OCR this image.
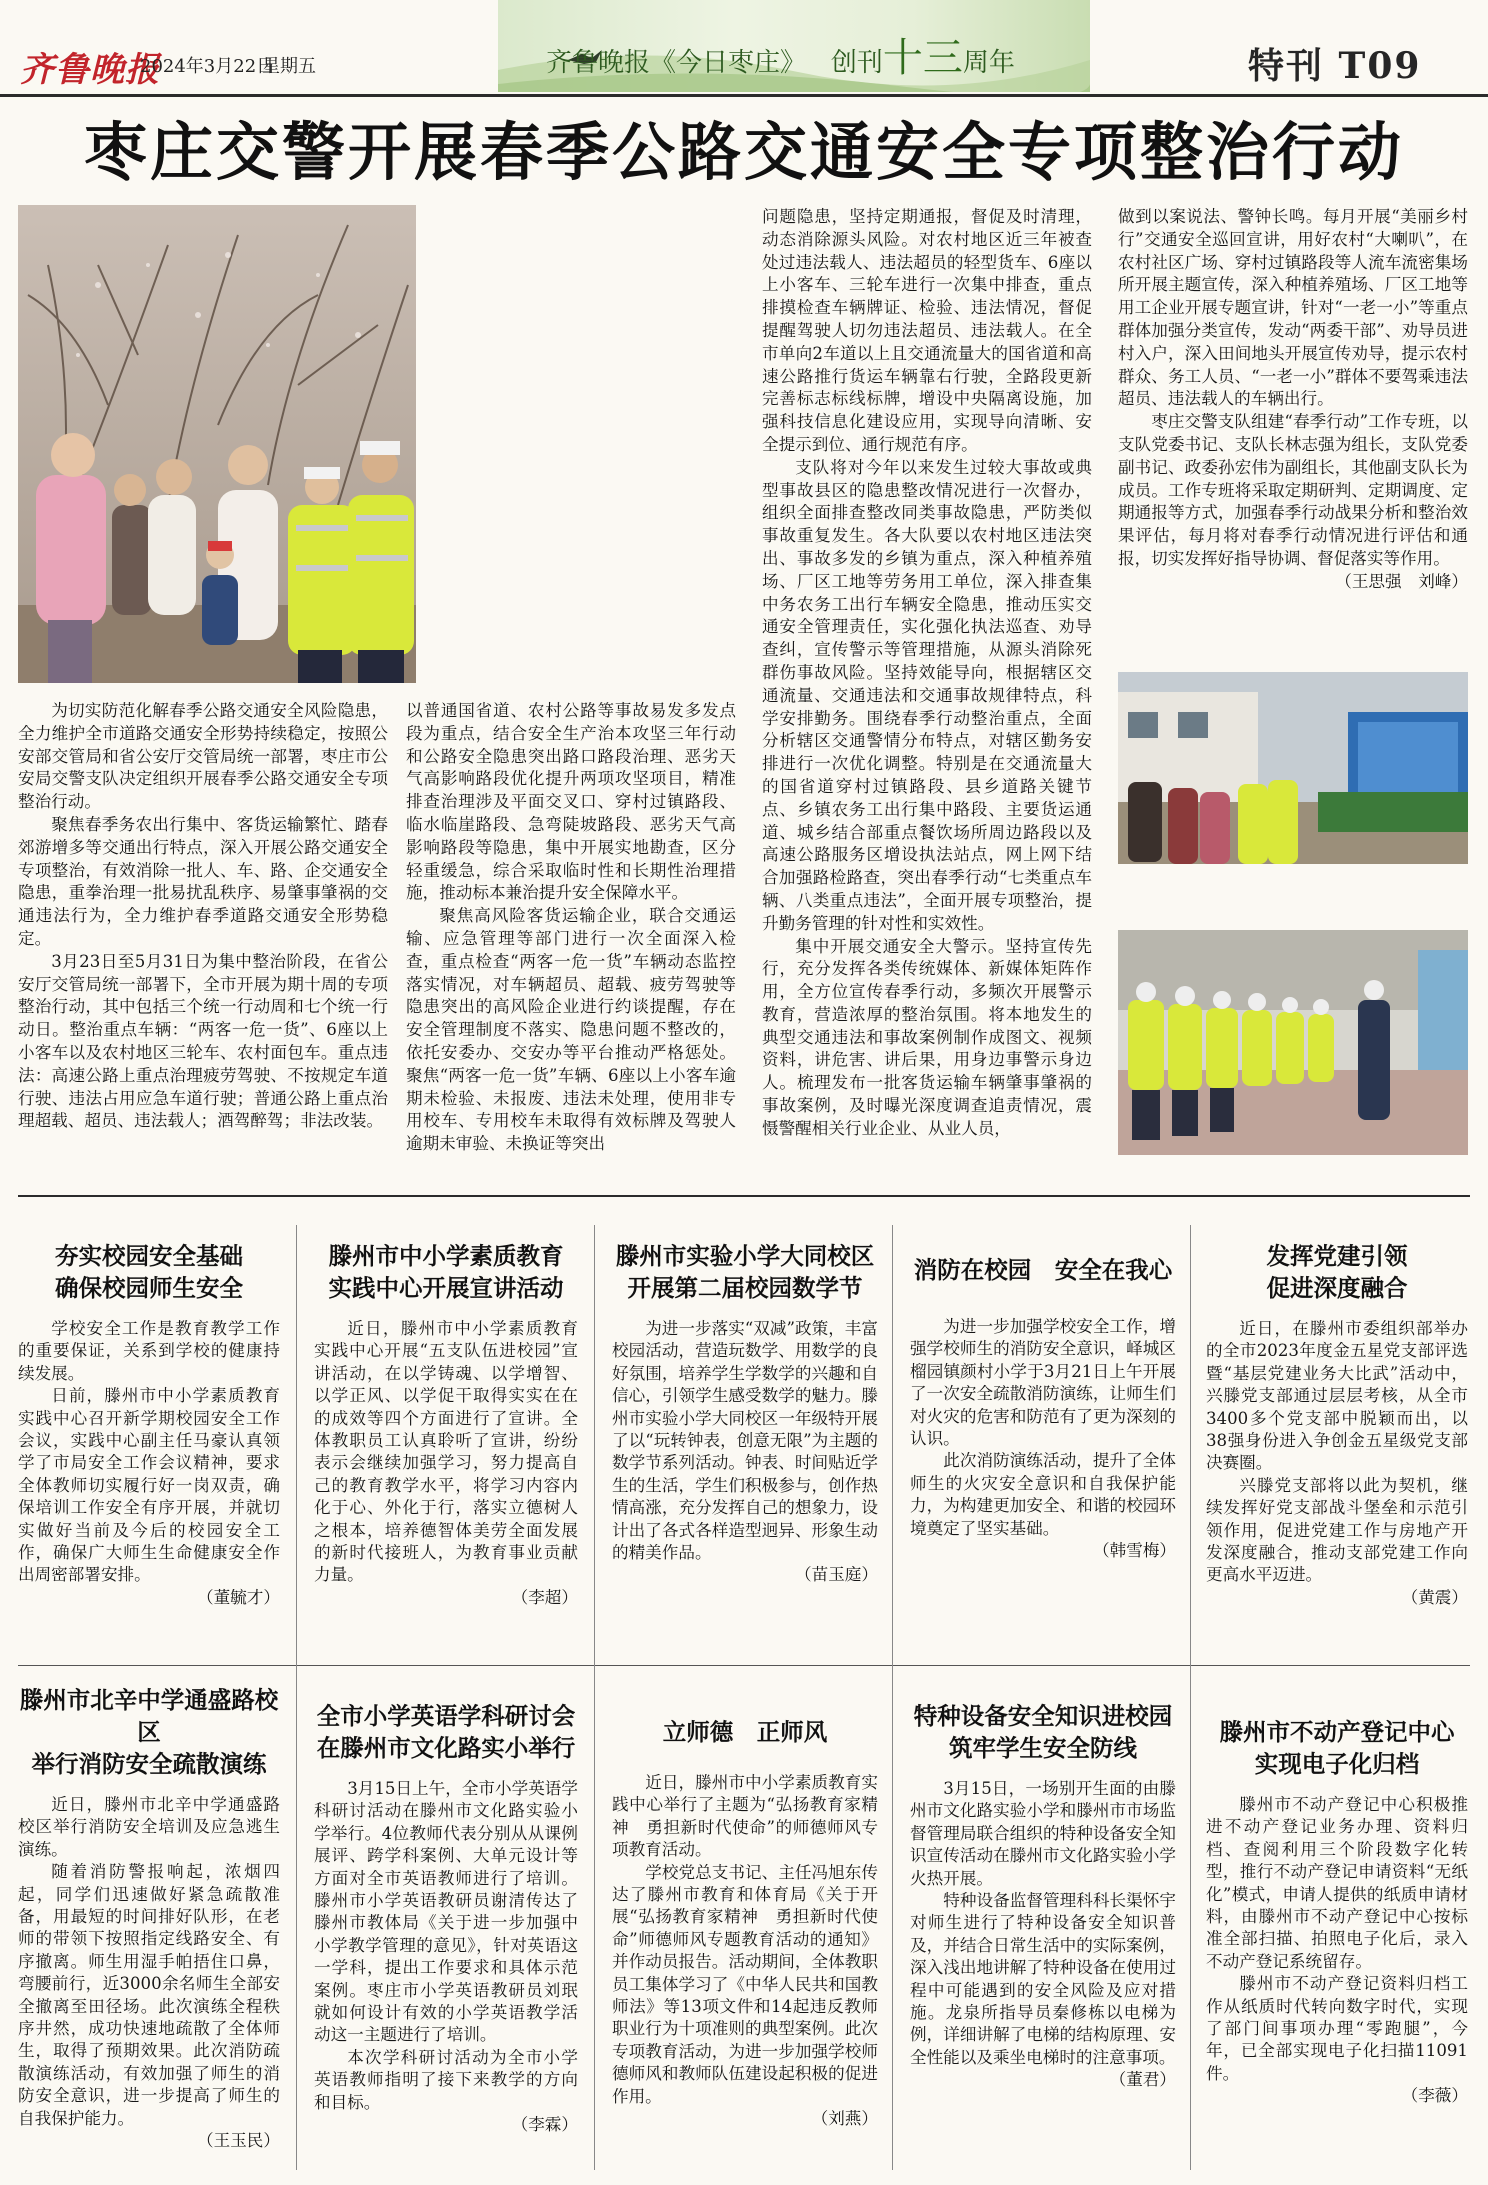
齐鲁晚报
2024年3月22日
星期五	齐鲁晚报《今日枣庄》 创刊十三周年	特刊 T09
枣庄交警开展春季公路交通安全专项整治行动

为切实防范化解春季公路交通安全风险隐患，全力维护全市道路交通安全形势持续稳定，按照公安部交管局和省公安厅交管局统一部署，枣庄市公安局交警支队决定组织开展春季公路交通安全专项整治行动。

聚焦春季务农出行集中、客货运输繁忙、踏春郊游增多等交通出行特点，深入开展公路交通安全专项整治，有效消除一批人、车、路、企交通安全隐患，重拳治理一批易扰乱秩序、易肇事肇祸的交通违法行为，全力维护春季道路交通安全形势稳定。

3月23日至5月31日为集中整治阶段，在省公安厅交管局统一部署下，全市开展为期十周的专项整治行动，其中包括三个统一行动周和七个统一行动日。整治重点车辆：“两客一危一货”、6座以上小客车以及农村地区三轮车、农村面包车。重点违法：高速公路上重点治理疲劳驾驶、不按规定车道行驶、违法占用应急车道行驶；普通公路上重点治理超载、超员、违法载人；酒驾醉驾；非法改装。

以普通国省道、农村公路等事故易发多发点段为重点，结合安全生产治本攻坚三年行动和公路安全隐患突出路口路段治理、恶劣天气高影响路段优化提升两项攻坚项目，精准排查治理涉及平面交叉口、穿村过镇路段、临水临崖路段、急弯陡坡路段、恶劣天气高影响路段等隐患，集中开展实地勘查，区分轻重缓急，综合采取临时性和长期性治理措施，推动标本兼治提升安全保障水平。

聚焦高风险客货运输企业，联合交通运输、应急管理等部门进行一次全面深入检查，重点检查“两客一危一货”车辆动态监控落实情况，对车辆超员、超载、疲劳驾驶等隐患突出的高风险企业进行约谈提醒，存在安全管理制度不落实、隐患问题不整改的，依托安委办、交安办等平台推动严格惩处。聚焦“两客一危一货”车辆、6座以上小客车逾期未检验、未报废、违法未处理，使用非专用校车、专用校车未取得有效标牌及驾驶人逾期未审验、未换证等突出

问题隐患，坚持定期通报，督促及时清理，动态消除源头风险。对农村地区近三年被查处过违法载人、违法超员的轻型货车、6座以上小客车、三轮车进行一次集中排查，重点排摸检查车辆牌证、检验、违法情况，督促提醒驾驶人切勿违法超员、违法载人。在全市单向2车道以上且交通流量大的国省道和高速公路推行货运车辆靠右行驶，全路段更新完善标志标线标牌，增设中央隔离设施，加强科技信息化建设应用，实现导向清晰、安全提示到位、通行规范有序。

支队将对今年以来发生过较大事故或典型事故县区的隐患整改情况进行一次督办，组织全面排查整改同类事故隐患，严防类似事故重复发生。各大队要以农村地区违法突出、事故多发的乡镇为重点，深入种植养殖场、厂区工地等劳务用工单位，深入排查集中务农务工出行车辆安全隐患，推动压实交通安全管理责任，实化强化执法巡查、劝导查纠，宣传警示等管理措施，从源头消除死群伤事故风险。坚持效能导向，根据辖区交通流量、交通违法和交通事故规律特点，科学安排勤务。围绕春季行动整治重点，全面分析辖区交通警情分布特点，对辖区勤务安排进行一次优化调整。特别是在交通流量大的国省道穿村过镇路段、县乡道路关键节点、乡镇农务工出行集中路段、主要货运通道、城乡结合部重点餐饮场所周边路段以及高速公路服务区增设执法站点，网上网下结合加强路检路查，突出春季行动“七类重点车辆、八类重点违法”，全面开展专项整治，提升勤务管理的针对性和实效性。

集中开展交通安全大警示。坚持宣传先行，充分发挥各类传统媒体、新媒体矩阵作用，全方位宣传春季行动，多频次开展警示教育，营造浓厚的整治氛围。将本地发生的典型交通违法和事故案例制作成图文、视频资料，讲危害、讲后果，用身边事警示身边人。梳理发布一批客货运输车辆肇事肇祸的事故案例，及时曝光深度调查追责情况，震慑警醒相关行业企业、从业人员，

做到以案说法、警钟长鸣。每月开展“美丽乡村行”交通安全巡回宣讲，用好农村“大喇叭”，在农村社区广场、穿村过镇路段等人流车流密集场所开展主题宣传，深入种植养殖场、厂区工地等用工企业开展专题宣讲，针对“一老一小”等重点群体加强分类宣传，发动“两委干部”、劝导员进村入户，深入田间地头开展宣传劝导，提示农村群众、务工人员、“一老一小”群体不要驾乘违法超员、违法载人的车辆出行。

枣庄交警支队组建“春季行动”工作专班，以支队党委书记、支队长林志强为组长，支队党委副书记、政委孙宏伟为副组长，其他副支队长为成员。工作专班将采取定期研判、定期调度、定期通报等方式，加强春季行动战果分析和整治效果评估，每月将对春季行动情况进行评估和通报，切实发挥好指导协调、督促落实等作用。

（王思强　刘峰）

夯实校园安全基础
确保校园师生安全

学校安全工作是教育教学工作的重要保证，关系到学校的健康持续发展。

日前，滕州市中小学素质教育实践中心召开新学期校园安全工作会议，实践中心副主任马豪认真领学了市局安全工作会议精神，要求全体教师切实履行好一岗双责，确保培训工作安全有序开展，并就切实做好当前及今后的校园安全工作，确保广大师生生命健康安全作出周密部署安排。

（董毓才）

滕州市中小学素质教育
实践中心开展宣讲活动

近日，滕州市中小学素质教育实践中心开展“五支队伍进校园”宣讲活动，在以学铸魂、以学增智、以学正风、以学促干取得实实在在的成效等四个方面进行了宣讲。全体教职员工认真聆听了宣讲，纷纷表示会继续加强学习，努力提高自己的教育教学水平，将学习内容内化于心、外化于行，落实立德树人之根本，培养德智体美劳全面发展的新时代接班人，为教育事业贡献力量。

（李超）

滕州市实验小学大同校区
开展第二届校园数学节

为进一步落实“双减”政策，丰富校园活动，营造玩数学、用数学的良好氛围，培养学生学数学的兴趣和自信心，引领学生感受数学的魅力。滕州市实验小学大同校区一年级特开展了以“玩转钟表，创意无限”为主题的数学节系列活动。钟表、时间贴近学生的生活，学生们积极参与，创作热情高涨，充分发挥自己的想象力，设计出了各式各样造型迥异、形象生动的精美作品。

（苗玉庭）

消防在校园　安全在我心

为进一步加强学校安全工作，增强学校师生的消防安全意识，峄城区榴园镇颜村小学于3月21日上午开展了一次安全疏散消防演练，让师生们对火灾的危害和防范有了更为深刻的认识。

此次消防演练活动，提升了全体师生的火灾安全意识和自我保护能力，为构建更加安全、和谐的校园环境奠定了坚实基础。

（韩雪梅）

发挥党建引领
促进深度融合

近日，在滕州市委组织部举办的全市2023年度金五星党支部评选暨“基层党建业务大比武”活动中，兴滕党支部通过层层考核，从全市3400多个党支部中脱颖而出，以38强身份进入争创金五星级党支部决赛圈。

兴滕党支部将以此为契机，继续发挥好党支部战斗堡垒和示范引领作用，促进党建工作与房地产开发深度融合，推动支部党建工作向更高水平迈进。

（黄震）

滕州市北辛中学通盛路校区
举行消防安全疏散演练

近日，滕州市北辛中学通盛路校区举行消防安全培训及应急逃生演练。

随着消防警报响起，浓烟四起，同学们迅速做好紧急疏散准备，用最短的时间排好队形，在老师的带领下按照指定线路安全、有序撤离。师生用湿手帕捂住口鼻，弯腰前行，近3000余名师生全部安全撤离至田径场。此次演练全程秩序井然，成功快速地疏散了全体师生，取得了预期效果。此次消防疏散演练活动，有效加强了师生的消防安全意识，进一步提高了师生的自我保护能力。

（王玉民）

全市小学英语学科研讨会
在滕州市文化路实小举行

3月15日上午，全市小学英语学科研讨活动在滕州市文化路实验小学举行。4位教师代表分别从从课例展评、跨学科案例、大单元设计等方面对全市英语教师进行了培训。滕州市小学英语教研员谢清传达了滕州市教体局《关于进一步加强中小学教学管理的意见》，针对英语这一学科，提出工作要求和具体示范案例。枣庄市小学英语教研员刘珉就如何设计有效的小学英语教学活动这一主题进行了培训。

本次学科研讨活动为全市小学英语教师指明了接下来教学的方向和目标。

（李霖）

立师德　正师风

近日，滕州市中小学素质教育实践中心举行了主题为“弘扬教育家精神　勇担新时代使命”的师德师风专项教育活动。

学校党总支书记、主任冯旭东传达了滕州市教育和体育局《关于开展“弘扬教育家精神　勇担新时代使命”师德师风专题教育活动的通知》并作动员报告。活动期间，全体教职员工集体学习了《中华人民共和国教师法》等13项文件和14起违反教师职业行为十项准则的典型案例。此次专项教育活动，为进一步加强学校师德师风和教师队伍建设起积极的促进作用。

（刘燕）

特种设备安全知识进校园
筑牢学生安全防线

3月15日，一场别开生面的由滕州市文化路实验小学和滕州市市场监督管理局联合组织的特种设备安全知识宣传活动在滕州市文化路实验小学火热开展。

特种设备监督管理科科长渠怀宇对师生进行了特种设备安全知识普及，并结合日常生活中的实际案例，深入浅出地讲解了特种设备在使用过程中可能遇到的安全风险及应对措施。龙泉所指导员秦修栋以电梯为例，详细讲解了电梯的结构原理、安全性能以及乘坐电梯时的注意事项。

（董君）

滕州市不动产登记中心
实现电子化归档

滕州市不动产登记中心积极推进不动产登记业务办理、资料归档、查阅利用三个阶段数字化转型，推行不动产登记申请资料“无纸化”模式，申请人提供的纸质申请材料，由滕州市不动产登记中心按标准全部扫描、拍照电子化后，录入不动产登记系统留存。

滕州市不动产登记资料归档工作从纸质时代转向数字时代，实现了部门间事项办理“零跑腿”，今年，已全部实现电子化扫描11091件。

（李薇）
